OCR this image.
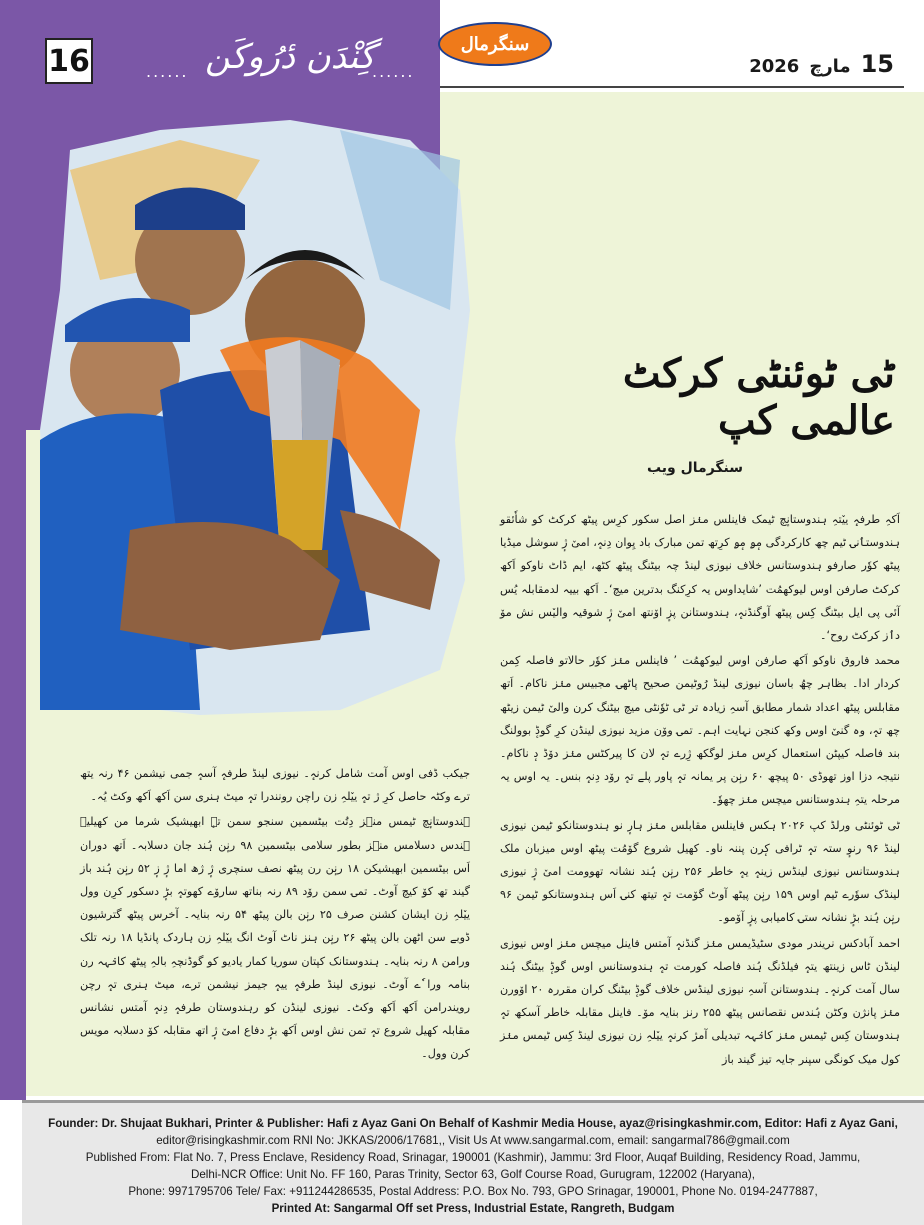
16	گِنْدَن دٔرُوکَن
......	......
سنگرمال
2026 مارچ 15
ٹی ٹوئنٹی کرکٹ عالمی کپ
سنگرمال ویب

اَکہِ طرفہٕ ییٚتہِ ہندوستانٕچ ٹیمک فاینلس منٛز اصل سکور کرِس پیٹھ کرکٹ کو شاٗئقو ہندوستٲنۍ ٹیم چھ کارکردگی مٕۄ مٕۄ کرِتھ تمن مبارک باد یِوان دِنہٕ، امیٚ ژٕ سوشل میڈیا پیٹھ کوٗر صارفو ہندوستانس خلاف نیوزی لینڈ چہ بیٹنگ پیٹھ کٹھ، ایم ڈاٹ ناوکو اَکھ کرکٹ صارفن اوس لیوکھمُت ’شایداوس یہ کرِکنگ بدترین میچ‘۔ اَکھ بییہ لدمقابلہ یُس آئی پی ایل بیٹنگ کِس پیٹھ آوگنڈنہٕ، ہندوستانن پزٕ اوٚنتھ امیٚ ژٕ شوقیہ والیٚس نش مۆ دٲز کرکٹ روح‘۔

محمد فاروق ناوکو اَکھ صارفن اوس لیوکھمُت ’ فاینلس منٛز کوٗر حالاتو فاصلہ کِمن کردار ادا۔ بظاہر چھُ باسان نیوزی لینڈ رُوٹیمن صحیح پاٹھۍ مجبیس منٛز ناکام۔ اَتھ مقابلس پیٹھ اعداد شمار مطابق آسہِ زیادہ تر ٹی ٹوٗنٹی میچ بیٹنگ کرن والیٚ ٹیمن زیٹھ چھ تہٕ، وہ گنیٚ اوس وکھ کنجن نہایت اہم۔ تمۍ وۆن مزید نیوزی لینڈن کرِ گوڈٕ بوولنگ بند فاصلہ کیپٹن استعمال کرِس منٛز لوگکھ ژِرے تہٕ لان کا پیرکٹس منٛز دۆڈ دٕ ناکام۔ نتیجہ دزا اوز تھوڈی ۵۰ پیچھ ۶۰ رنٕن پر یمانہ تہٕ پاور پلے تہٕ رۆد دِنہٕ بنس۔ یہ اوس یہ مرحلہ یتہِ ہندوستانس میچس منٛز چھوٗ۔

ٹی ٹوئنٹی ورلڈ کپ ۲۰۲۶ ہکس فاینلس مقابلس منٛز ہارٕ نو ہندوستانکو ٹیمن نیوزی لینڈ ۹۶ رنوٕ ستہ تہٕ ٹرافی کٕرن پننہ ناو۔ کھیل شروع گوٚمُت پیٹھ اوس میزبان ملک ہندوستانس نیوزی لینڈس زینہٕ یہٕ خاطر ۲۵۶ رنٕن ہُند نشانہ تھوومت امیٚ ژٕ نیوزی لینڈک سوٗرے ٹیم اوس ۱۵۹ رنٕن پیٹھ آوٹ گوٚمت تہٕ تیتھ کنۍ اَس ہندوستانکو ٹیمن ۹۶ رنٕن ہُند بڑٕ نشانہ ستۍ کامیابی پزٕ آوٚمو۔

احمد آبادکس نریندر مودی سٹیڈیمس منٛز گنڈنہٕ آمتس فاینل میچس منٛز اوس نیوزی لینڈن ٹاس زینتھ یتہٕ فیلڈنگ ہُند فاصلہ کورمت تہٕ ہندوستانس اوس گوڈٕ بیٹنگ ہُند سال آمت کرنہٕ۔ ہندوستانن آسہِ نیوزی لینڈس خلاف گوڈٕ بیٹنگ کران مقررہ ۲۰ اوٚورن منٛز پانژن وکٹن ہُندس نقصانس پیٹھ ۲۵۵ رنز بنایہ مۆ۔ فاینل مقابلہ خاطر آسکھ تہٕ ہندوستان کِس ٹیمس منٛز کانٛہہ تبدیلی آمژ کرنہٕ ییٚلہِ زن نیوزی لینڈ کِس ٹیمس منٛز کول میک کونگی سپنر جایہ تیز گیند باز

جیکب ڈفی اوس آمت شامل کرنہٕ۔ نیوزی لینڈ طرفہٕ آسہٕ جمی نیشمن ۴۶ رنہ یتھ ترے وکٹہ حاصل کرِ ژ تہٕ ییٚلہِ زن راچن رونندرا تہٕ میٹ ہنری سن اَکھ اَکھ وکٹ یُہ۔

ہندوستانٕچ ٹیمس منٛز دِتُت بیٹسمین سنجو سمن تہٕ ابھیشیک شرما من کھیلیہ ہندس دسلامس منٛز بطور سلامی بیٹسمین ۹۸ رنٕن ہُند جان دسلابہ۔ اَتھ دوران اَس بیٹسمین ابھیشیکن ۱۸ رنٕن رن پیٹھ نصف سنچری ژٕ ژھ اما ژٕ زٕ ۵۲ رنٕن ہُند باز گیند تھ کۆ کیچ آوٹ۔ تمۍ سمن رۆد ۸۹ رنہ بناتھ سارۆے کھوتہٕ بڑٕ دسکور کرِن وول ییٚلہِ زن ایشان کشنن صرف ۲۵ رنٕن بالن پیٹھ ۵۴ رنہ بنایہ۔ آخرس پیٹھ گترشیون ڈوبے سن اٹھن بالن پیٹھ ۲۶ رنٕن ہنز ناٹ آوٹ انگ ییٚلہِ زن ہاردک پانڈیا ۱۸ رنہ تلک ورامن ۸ رنہ بنایہ۔ ہندوستانک کپتان سوریا کمار یادیو کو گوڈنچہِ بالہِ پیٹھ کانٛہہ رن بنامہ ورا ٗے آوٹ۔ نیوزی لینڈ طرفہٕ ییہٕ جیمز نیشمن ترے، میٹ ہنری تہٕ رچن رویندرامن اَکھ اَکھ وکٹ۔ نیوزی لینڈن کو رہندوستان طرفہٕ دِنہٕ آمتس نشانس مقابلہ کھیل شروع تہٕ تمن نش اوس اَکھ بڑٕ دفاع امیٚ ژٕ اتھ مقابلہ کۆ دسلابہ مویس کرن وول۔

Founder: Dr. Shujaat Bukhari, Printer & Publisher: Hafi z Ayaz Gani On Behalf of Kashmir Media House, ayaz@risingkashmir.com, Editor: Hafi z Ayaz Gani,
editor@risingkashmir.com RNI No: JKKAS/2006/17681,, Visit Us At www.sangarmal.com, email: sangarmal786@gmail.com
Published From: Flat No. 7, Press Enclave, Residency Road, Srinagar, 190001 (Kashmir), Jammu: 3rd Floor, Auqaf Building, Residency Road, Jammu,
Delhi-NCR Office: Unit No. FF 160, Paras Trinity, Sector 63, Golf Course Road, Gurugram, 122002 (Haryana),
Phone: 9971795706 Tele/ Fax: +911244286535, Postal Address: P.O. Box No. 793, GPO Srinagar, 190001, Phone No. 0194-2477887,
Printed At: Sangarmal Off set Press, Industrial Estate, Rangreth, Budgam
